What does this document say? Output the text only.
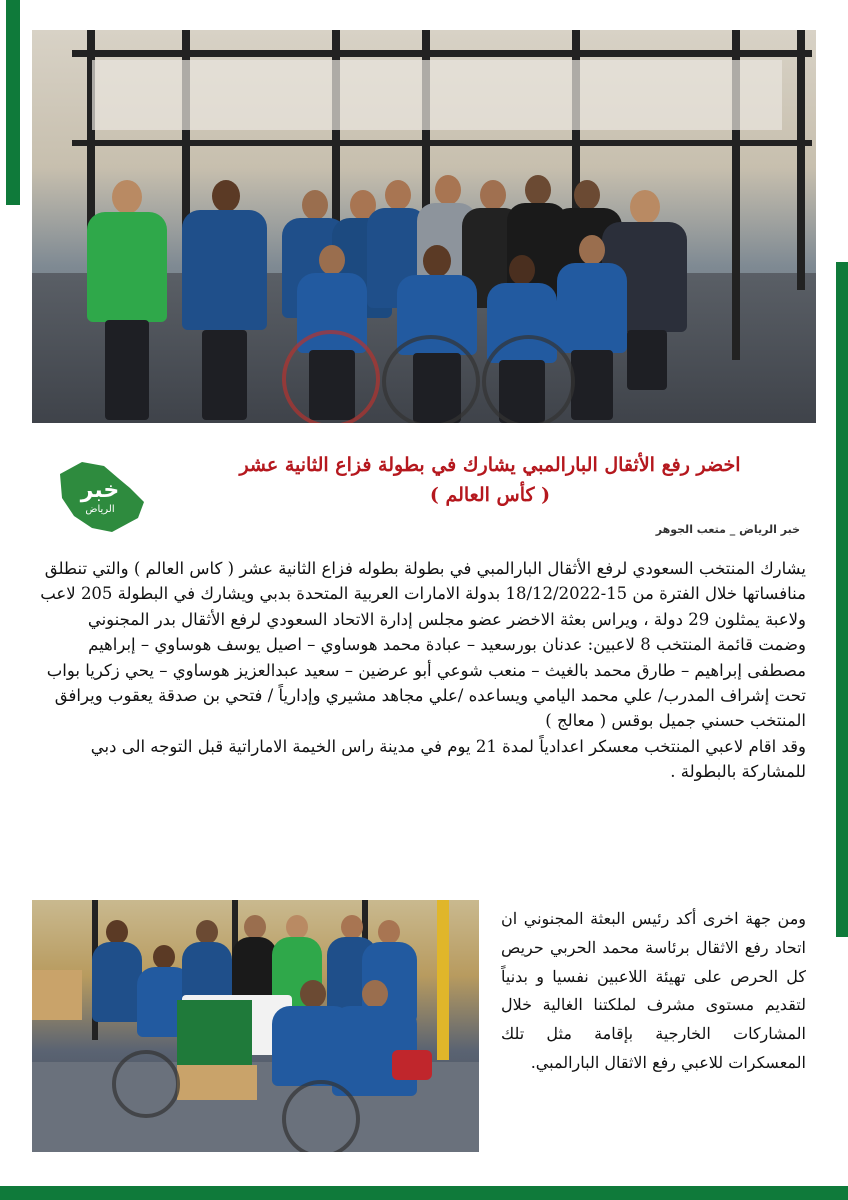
خبر
الرياض
اخضر رفع الأثقال البارالمبي يشارك في بطولة فزاع الثانية عشر
( كأس العالم )
خبر الرياض _ متعب الجوهر

يشارك المنتخب السعودي لرفع الأثقال البارالمبي في بطولة بطوله فزاع الثانية عشر ( كاس العالم ) والتي تنطلق منافساتها خلال الفترة من 15-18/12/2022 بدولة الامارات العربية المتحدة بدبي ويشارك في البطولة 205 لاعب ولاعبة يمثلون 29 دولة ، ويراس بعثة الاخضر عضو مجلس إدارة الاتحاد السعودي لرفع الأثقال بدر المجنوني

وضمت قائمة المنتخب 8 لاعبين: عدنان بورسعيد – عبادة محمد هوساوي – اصيل يوسف هوساوي – إبراهيم مصطفى إبراهيم – طارق محمد بالغيث – منعب شوعي أبو عرضين – سعيد عبدالعزيز هوساوي – يحي زكريا بواب تحت إشراف المدرب/ علي محمد اليامي ويساعده /علي مجاهد مشيري وإدارياً / فتحي بن صدقة يعقوب ويرافق المنتخب حسني جميل بوقس ( معالج )

وقد اقام لاعبي المنتخب معسكر اعدادياً لمدة 21 يوم في مدينة راس الخيمة الاماراتية قبل التوجه الى دبي للمشاركة بالبطولة .

ومن جهة اخرى أكد رئيس البعثة المجنوني ان اتحاد رفع الاثقال برئاسة محمد الحربي حريص كل الحرص على تهيئة اللاعبين نفسيا و بدنياً لتقديم مستوى مشرف لملكتنا الغالية خلال المشاركات الخارجية بإقامة مثل تلك المعسكرات للاعبي رفع الاثقال البارالمبي.
